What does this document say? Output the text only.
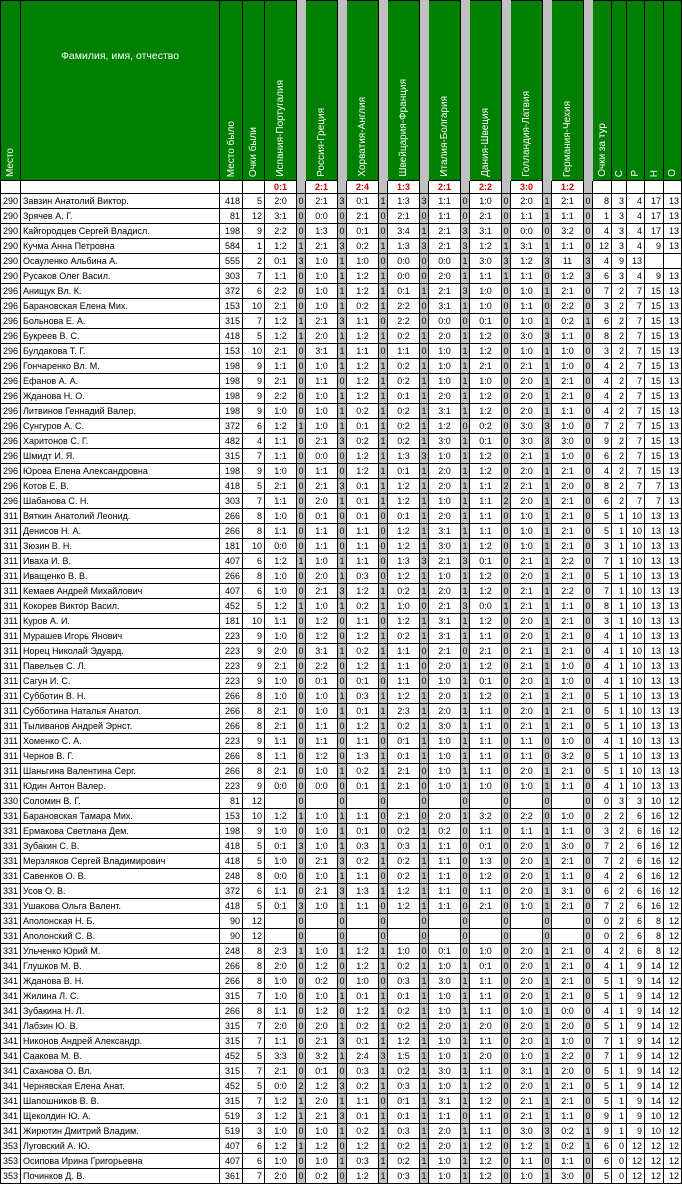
Место	Фамилия, имя, отчество	Место было	Очки были	Испания-Португалия		Россия-Греция		Хорватия-Англия		Швейцария-Франция		Италия-Болгария		Дания-Швеция		Голландия-Латвия		Германия-Чехия		Очки за тур	С	Р	Н	О

				0:1		2:1		2:4		1:3		2:1		2:2		3:0		1:2						
290	Завзин Анатолий Виктор.	418	5	2:0	0	2:1	3	0:1	1	1:3	3	1:1	0	1:0	0	2:0	1	2:1	0	8	3	4	17	13
290	Зрячев А. Г.	81	12	3:1	0	0:0	0	2:1	0	2:1	0	1:1	0	2:1	0	1:1	1	1:1	0	1	3	4	17	13
290	Кайгородцев Сергей Владисл.	198	9	2:2	0	1:3	0	0:1	0	3:4	1	2:1	3	3:1	0	0:0	0	3:2	0	4	3	4	17	13
290	Кучма Анна Петровна	584	1	1:2	1	2:1	3	0:2	1	1:3	3	2:1	3	1:2	1	3:1	1	1:1	0	12	3	4	9	13
290	Осауленко Альбина А.	555	2	0:1	3	1:0	1	1:0	0	0:0	0	0:0	1	3:0	3	1:2	3	11	3	4	9	13		
290	Русаков Олег Васил.	303	7	1:1	0	1:0	1	1:2	1	0:0	0	2:0	1	1:1	1	1:1	0	1:2	3	6	3	4	9	13
296	Анищук Вл. К.	372	6	2:2	0	1:0	1	1:2	1	0:1	1	2:1	3	1:0	0	1:0	1	2:1	0	7	2	7	15	13
296	Барановская Елена Мих.	153	10	2:1	0	1:0	1	0:2	1	2:2	0	3:1	1	1:0	0	1:1	0	2:2	0	3	2	7	15	13
296	Больнова Е. А.	315	7	1:2	1	2:1	3	1:1	0	2:2	0	0:0	0	0:1	0	1:0	1	0:2	1	6	2	7	15	13
296	Букреев В. С.	418	5	1:2	1	2:0	1	1:2	1	0:2	1	2:0	1	1:2	0	3:0	3	1:1	0	8	2	7	15	13
296	Булдакова Т. Г.	153	10	2:1	0	3:1	1	1:1	0	1:1	0	1:0	1	1:2	0	1:0	1	1:0	0	3	2	7	15	13
296	Гончаренко Вл. М.	198	9	1:1	0	1:0	1	1:2	1	0:2	1	1:0	1	2:1	0	2:1	1	1:0	0	4	2	7	15	13
296	Ефанов А. А.	198	9	2:1	0	1:1	0	1:2	1	0:2	1	1:0	1	1:0	0	2:0	1	2:1	0	4	2	7	15	13
296	Жданова Н. О.	198	9	2:2	0	1:0	1	1:2	1	0:1	1	2:0	1	1:2	0	2:0	1	2:1	0	4	2	7	15	13
296	Литвинов Геннадий Валер.	198	9	1:0	0	1:0	1	0:2	1	0:2	1	3:1	1	1:2	0	2:0	1	1:1	0	4	2	7	15	13
296	Сунгуров А. С.	372	6	1:2	1	1:0	1	0:1	1	0:2	1	1:2	0	0:2	0	3:0	3	1:0	0	7	2	7	15	13
296	Харитонов С. Г.	482	4	1:1	0	2:1	3	0:2	1	0:2	1	3:0	1	0:1	0	3:0	3	3:0	0	9	2	7	15	13
296	Шмидт И. Я.	315	7	1:1	0	0:0	0	1:2	1	1:3	3	1:0	1	1:2	0	2:1	1	1:0	0	6	2	7	15	13
296	Юрова Елена Александровна	198	9	1:0	0	1:1	0	1:2	1	0:1	1	2:0	1	1:2	0	2:0	1	2:1	0	4	2	7	15	13
296	Котов Е. В.	418	5	2:1	0	2:1	3	0:1	1	1:2	1	2:0	1	1:1	2	2:1	1	2:0	0	8	2	7	7	13
296	Шабанова С. Н.	303	7	1:1	0	2:0	1	0:1	1	1:2	1	1:0	1	1:1	2	2:0	1	2:1	0	6	2	7	7	13
311	Вяткин Анатолий Леонид.	266	8	1:0	0	0:1	0	0:1	0	0:1	1	2:0	1	1:1	0	1:0	1	2:1	0	5	1	10	13	13
311	Денисов Н. А.	266	8	1:1	0	1:1	0	1:1	0	1:2	1	3:1	1	1:1	0	1:0	1	2:1	0	5	1	10	13	13
311	Зюзин В. Н.	181	10	0:0	0	1:1	0	1:1	0	1:2	1	3:0	1	1:2	0	1:0	1	2:1	0	3	1	10	13	13
311	Иваха И. В.	407	6	1:2	1	1:0	1	1:1	0	1:3	3	2:1	3	0:1	0	2:1	1	2:2	0	7	1	10	13	13
311	Иващенко В. В.	266	8	1:0	0	2:0	1	0:3	0	1:2	1	1:0	1	1:2	0	2:0	1	2:1	0	5	1	10	13	13
311	Кемаев Андрей Михайлович	407	6	1:0	0	2:1	3	1:2	1	0:2	1	2:0	1	1:2	0	2:1	1	2:2	0	7	1	10	13	13
311	Кокорев Виктор Васил.	452	5	1:2	1	1:0	1	0:2	1	1:0	0	2:1	3	0:0	1	2:1	1	1:1	0	8	1	10	13	13
311	Куров А. И.	181	10	1:1	0	1:2	0	1:1	0	1:2	1	3:1	1	1:2	0	2:0	1	2:1	0	3	1	10	13	13
311	Мурашев Игорь Янович	223	9	1:0	0	1:2	0	1:2	1	0:2	1	3:1	1	1:1	0	2:0	1	2:1	0	4	1	10	13	13
311	Норец Николай Эдуард.	223	9	2:0	0	3:1	1	0:2	1	1:1	0	2:1	0	2:1	0	2:1	1	2:1	0	4	1	10	13	13
311	Павельев С. Л.	223	9	2:1	0	2:2	0	1:2	1	1:1	0	2:0	1	1:2	0	2:1	1	1:0	0	4	1	10	13	13
311	Сагун И. С.	223	9	1:0	0	0:1	0	0:1	0	1:1	0	1:0	1	0:1	0	2:0	1	1:0	0	4	1	10	13	13
311	Субботин В. Н.	266	8	1:0	0	1:0	1	0:3	1	1:2	1	2:0	1	1:2	0	2:1	1	2:1	0	5	1	10	13	13
311	Субботина Наталья Анатол.	266	8	2:1	0	1:0	1	0:1	1	2:3	1	2:0	1	1:1	0	2:0	1	2:1	0	5	1	10	13	13
311	Тыливанов Андрей Эрнст.	266	8	2:1	0	1:1	0	1:2	1	0:2	1	3:0	1	1:1	0	2:1	1	2:1	0	5	1	10	13	13
311	Хоменко С. А.	223	9	1:1	0	1:1	0	1:1	0	0:1	1	1:0	1	1:1	0	1:1	0	1:0	0	4	1	10	13	13
311	Чернов В. Г.	266	8	1:1	0	1:2	0	1:3	1	0:1	1	1:0	1	1:1	0	1:1	0	3:2	0	5	1	10	13	13
311	Шаньгина Валентина Серг.	266	8	2:1	0	1:0	1	0:2	1	2:1	0	1:0	1	1:1	0	2:0	1	2:1	0	5	1	10	13	13
311	Юдин Антон Валер.	223	9	0:0	0	0:0	0	0:1	1	2:1	0	1:0	1	1:0	0	1:0	1	1:1	0	4	1	10	13	13
330	Соломин В. Г.	81	12		0		0		0		0		0		0		0		0	0	3	3	10	12
331	Барановская Тамара Мих.	153	10	1:2	1	1:0	1	1:1	0	2:1	0	2:0	1	3:2	0	2:2	0	1:0	0	2	2	6	16	12
331	Ермакова Светлана Дем.	198	9	1:0	0	1:0	1	0:1	0	0:2	1	0:2	0	1:1	0	1:1	1	1:1	0	3	2	6	16	12
331	Зубакин С. В.	418	5	0:1	3	1:0	1	0:3	1	0:3	1	1:1	0	0:1	0	2:0	1	3:0	0	7	2	6	16	12
331	Мерзляков Сергей Владимирович	418	5	1:0	0	2:1	3	0:2	1	0:2	1	1:1	0	1:3	0	2:0	1	2:1	0	7	2	6	16	12
331	Савенков О. В.	248	8	0:0	0	1:0	1	1:1	0	0:2	1	1:1	0	1:2	0	2:0	1	1:1	0	4	2	6	16	12
331	Усов О. В.	372	6	1:1	0	2:1	3	1:3	1	1:2	1	1:1	0	1:1	0	2:0	1	3:1	0	6	2	6	16	12
331	Ушакова Ольга Валент.	418	5	0:1	3	1:0	1	1:1	0	1:2	1	1:1	0	2:1	0	1:0	1	2:1	0	7	2	6	16	12
331	Аполонская Н. Б.	90	12		0		0		0		0		0		0		0		0	0	2	6	8	12
331	Аполонский С. В.	90	12		0		0		0		0		0		0		0		0	0	2	6	8	12
331	Ульченко Юрий М.	248	8	2:3	1	1:0	1	1:2	1	1:0	0	0:1	0	1:0	0	2:0	1	2:1	0	4	2	6	8	12
341	Глушков М. В.	266	8	2:0	0	1:2	0	1:2	1	0:2	1	1:0	1	0:1	0	2:0	1	2:1	0	4	1	9	14	12
341	Жданова В. Н.	266	8	1:0	0	0:2	0	1:0	0	0:3	1	3:0	1	1:1	0	2:0	1	2:1	0	5	1	9	14	12
341	Жилина Л. С.	315	7	1:0	0	1:0	1	0:1	1	0:1	1	1:0	1	1:1	0	2:0	1	2:1	0	5	1	9	14	12
341	Зубакина Н. Л.	266	8	1:1	0	1:2	0	1:2	1	0:2	1	1:0	1	1:1	0	1:0	1	0:0	0	4	1	9	14	12
341	Лабзин Ю. В.	315	7	2:0	0	2:0	1	0:2	1	0:2	1	2:0	1	2:0	0	2:0	1	2:0	0	5	1	9	14	12
341	Никонов Андрей Александр.	315	7	1:1	0	2:1	3	0:1	1	1:2	1	1:0	1	1:1	0	2:0	1	1:0	0	7	1	9	14	12
341	Саакова М. В.	452	5	3:3	0	3:2	1	2:4	3	1:5	1	1:0	1	2:0	0	1:0	1	2:2	0	7	1	9	14	12
341	Саханова О. Вл.	315	7	2:1	0	0:1	0	0:3	1	0:2	1	3:0	1	1:1	0	3:1	1	2:0	0	5	1	9	14	12
341	Чернявская Елена Анат.	452	5	0:0	2	1:2	3	0:2	1	0:3	1	1:0	1	1:2	0	2:0	1	2:1	0	5	1	9	14	12
341	Шапошников В. В.	315	7	1:2	1	2:0	1	1:1	0	0:1	1	3:1	1	1:2	0	2:1	1	2:1	0	5	1	9	14	12
341	Щеколдин Ю. А.	519	3	1:2	1	2:1	3	0:1	1	0:1	1	1:1	0	1:1	0	2:1	1	1:1	0	9	1	9	10	12
341	Жирютин Дмитрий Владим.	519	3	1:0	0	1:0	1	0:2	1	0:3	1	2:0	1	1:1	0	3:0	3	0:2	1	9	1	9	10	12
353	Луговский А. Ю.	407	6	1:2	1	1:2	0	1:2	1	0:2	1	2:0	1	1:2	0	1:2	1	0:2	1	6	0	12	12	12
353	Осипова Ирина Григорьевна	407	6	1:0	0	1:0	1	0:3	1	0:2	1	1:0	1	1:2	0	1:1	0	1:1	0	6	0	12	12	12
353	Починков Д. В.	361	7	2:0	0	0:2	0	1:2	1	0:3	1	1:0	1	1:2	0	1:0	1	3:0	0	5	0	12	12	12
